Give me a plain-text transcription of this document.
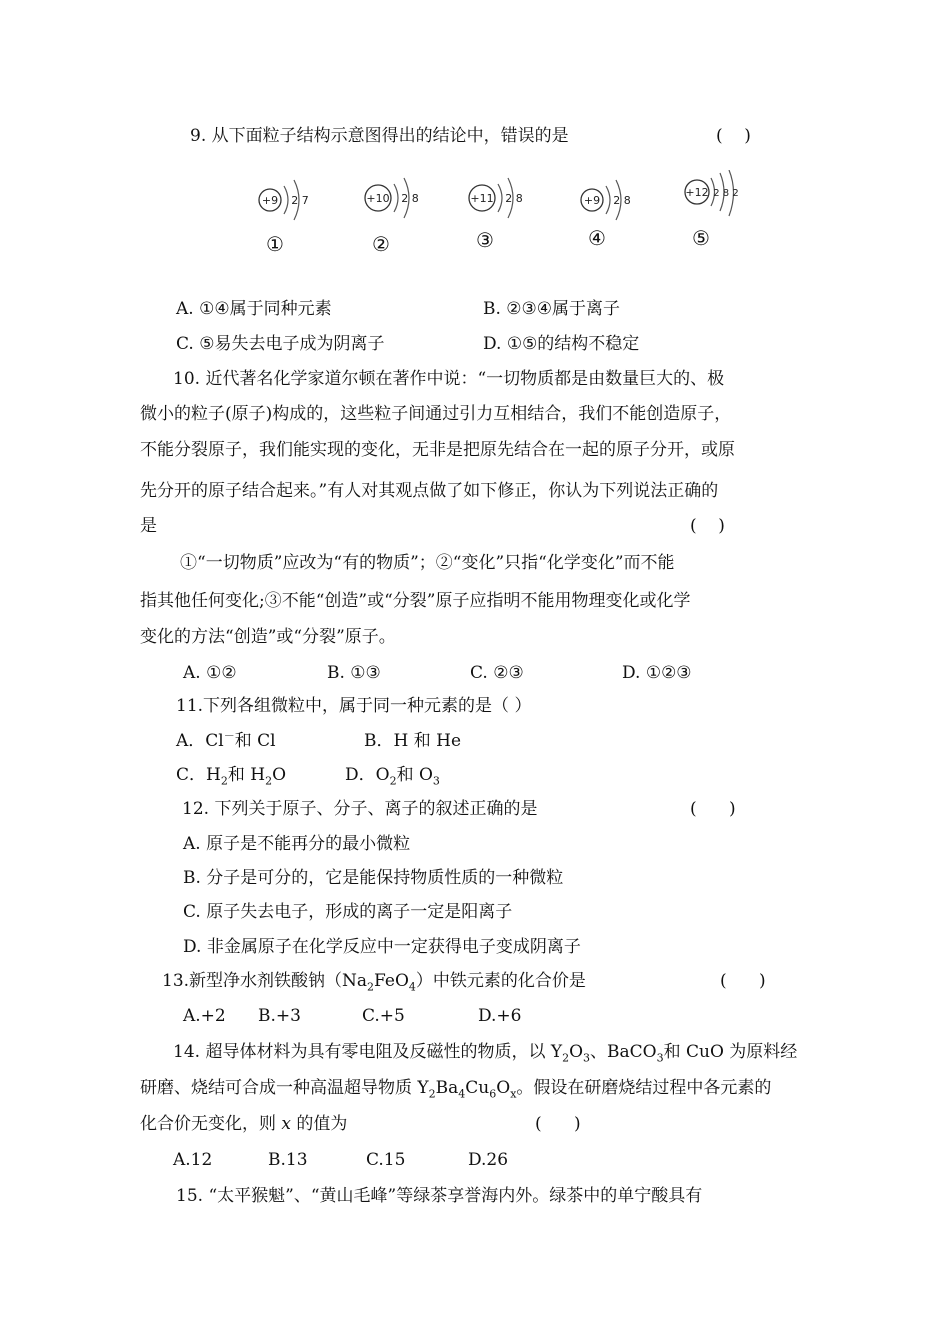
9. 从下面粒子结构示意图得出的结论中，错误的是	(    )
+9 2 7
①
+10 2 8
②
+11 2 8
③
+9 2 8
④
+12 2 8 2
⑤
A. ①④属于同种元素	B. ②③④属于离子
C. ⑤易失去电子成为阴离子	D. ①⑤的结构不稳定
10. 近代著名化学家道尔顿在著作中说：“一切物质都是由数量巨大的、极
微小的粒子(原子)构成的，这些粒子间通过引力互相结合，我们不能创造原子，
不能分裂原子，我们能实现的变化，无非是把原先结合在一起的原子分开，或原
先分开的原子结合起来。”有人对其观点做了如下修正，你认为下列说法正确的
是	(    )
①“一切物质”应改为“有的物质”；②“变化”只指“化学变化”而不能
指其他任何变化;③不能“创造”或“分裂”原子应指明不能用物理变化或化学
变化的方法“创造”或“分裂”原子。
A. ①②	B. ①③	C. ②③	D. ①②③
11.下列各组微粒中，属于同一种元素的是（ ）
A．Cl－和 Cl	B．H 和 He
C．$H_2$和 $H_2O$	D．$O_2$和 $O_3$
12. 下列关于原子、分子、离子的叙述正确的是	(      )
A. 原子是不能再分的最小微粒
B. 分子是可分的，它是能保持物质性质的一种微粒
C. 原子失去电子，形成的离子一定是阳离子
D. 非金属原子在化学反应中一定获得电子变成阴离子
13.新型净水剂铁酸钠$(Na_2FeO_4)$中铁元素的化合价是	(      )
A.+2 B.+3	C.+5	D.+6
14. 超导体材料为具有零电阻及反磁性的物质，以 $Y_2O_3$、BaCO$_3$和 CuO 为原料经
研磨、烧结可合成一种高温超导物质 $Y_2Ba_4Cu_6O_x$。假设在研磨烧结过程中各元素的
化合价无变化，则 x 的值为	(      )
A.12	B.13	C.15	D.26
15. “太平猴魁”、“黄山毛峰”等绿茶享誉海内外。绿茶中的单宁酸具有
